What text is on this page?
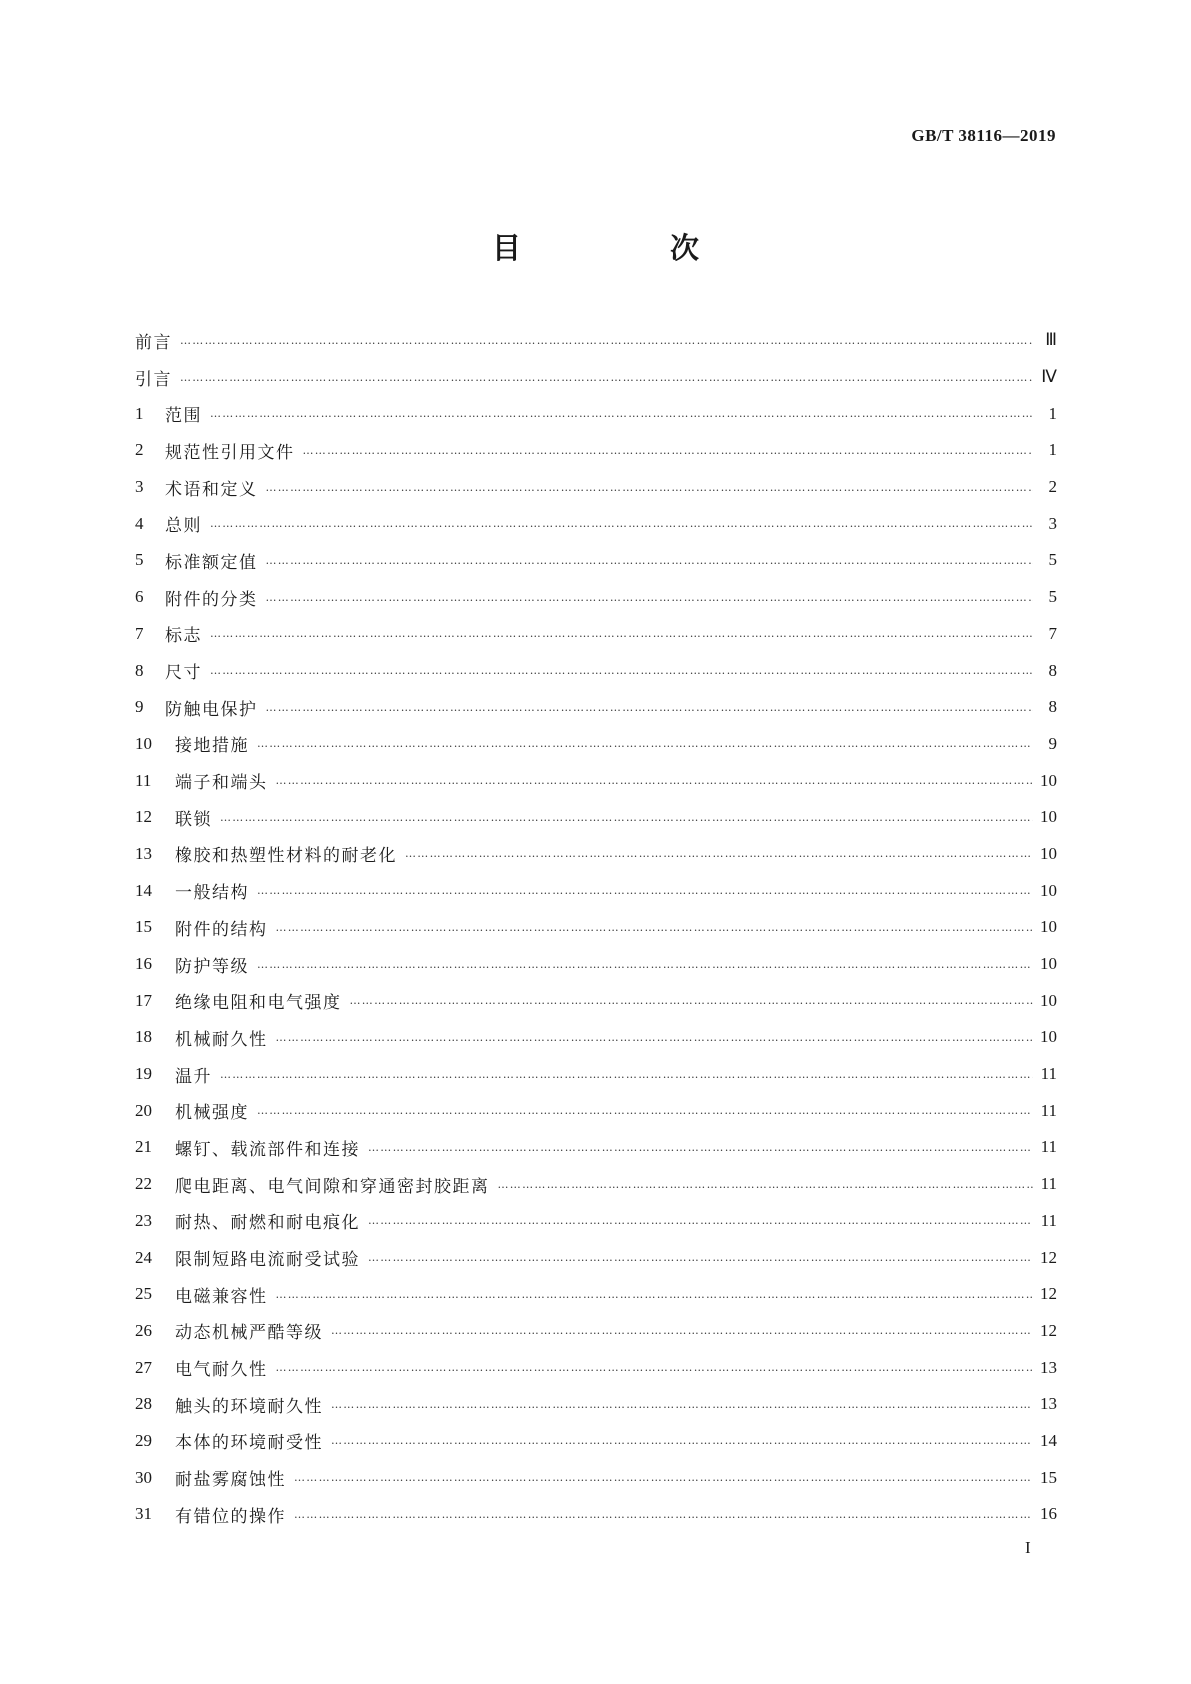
GB/T 38116—2019
目　次
前言 ………………………………………………………………………………………………………………………………………………………………………………………………	Ⅲ
引言 ………………………………………………………………………………………………………………………………………………………………………………………………	Ⅳ
1	范围 ………………………………………………………………………………………………………………………………………………………………………………………………	1
2	规范性引用文件 ………………………………………………………………………………………………………………………………………………………………………………………………	1
3	术语和定义 ………………………………………………………………………………………………………………………………………………………………………………………………	2
4	总则 ………………………………………………………………………………………………………………………………………………………………………………………………	3
5	标准额定值 ………………………………………………………………………………………………………………………………………………………………………………………………	5
6	附件的分类 ………………………………………………………………………………………………………………………………………………………………………………………………	5
7	标志 ………………………………………………………………………………………………………………………………………………………………………………………………	7
8	尺寸 ………………………………………………………………………………………………………………………………………………………………………………………………	8
9	防触电保护 ………………………………………………………………………………………………………………………………………………………………………………………………	8
10	接地措施 ………………………………………………………………………………………………………………………………………………………………………………………………	9
11	端子和端头 ………………………………………………………………………………………………………………………………………………………………………………………………	10
12	联锁 ………………………………………………………………………………………………………………………………………………………………………………………………	10
13	橡胶和热塑性材料的耐老化 ………………………………………………………………………………………………………………………………………………………………………………………………	10
14	一般结构 ………………………………………………………………………………………………………………………………………………………………………………………………	10
15	附件的结构 ………………………………………………………………………………………………………………………………………………………………………………………………	10
16	防护等级 ………………………………………………………………………………………………………………………………………………………………………………………………	10
17	绝缘电阻和电气强度 ………………………………………………………………………………………………………………………………………………………………………………………………	10
18	机械耐久性 ………………………………………………………………………………………………………………………………………………………………………………………………	10
19	温升 ………………………………………………………………………………………………………………………………………………………………………………………………	11
20	机械强度 ………………………………………………………………………………………………………………………………………………………………………………………………	11
21	螺钉、载流部件和连接 ………………………………………………………………………………………………………………………………………………………………………………………………	11
22	爬电距离、电气间隙和穿通密封胶距离 ………………………………………………………………………………………………………………………………………………………………………………………………	11
23	耐热、耐燃和耐电痕化 ………………………………………………………………………………………………………………………………………………………………………………………………	11
24	限制短路电流耐受试验 ………………………………………………………………………………………………………………………………………………………………………………………………	12
25	电磁兼容性 ………………………………………………………………………………………………………………………………………………………………………………………………	12
26	动态机械严酷等级 ………………………………………………………………………………………………………………………………………………………………………………………………	12
27	电气耐久性 ………………………………………………………………………………………………………………………………………………………………………………………………	13
28	触头的环境耐久性 ………………………………………………………………………………………………………………………………………………………………………………………………	13
29	本体的环境耐受性 ………………………………………………………………………………………………………………………………………………………………………………………………	14
30	耐盐雾腐蚀性 ………………………………………………………………………………………………………………………………………………………………………………………………	15
31	有错位的操作 ………………………………………………………………………………………………………………………………………………………………………………………………	16
I
